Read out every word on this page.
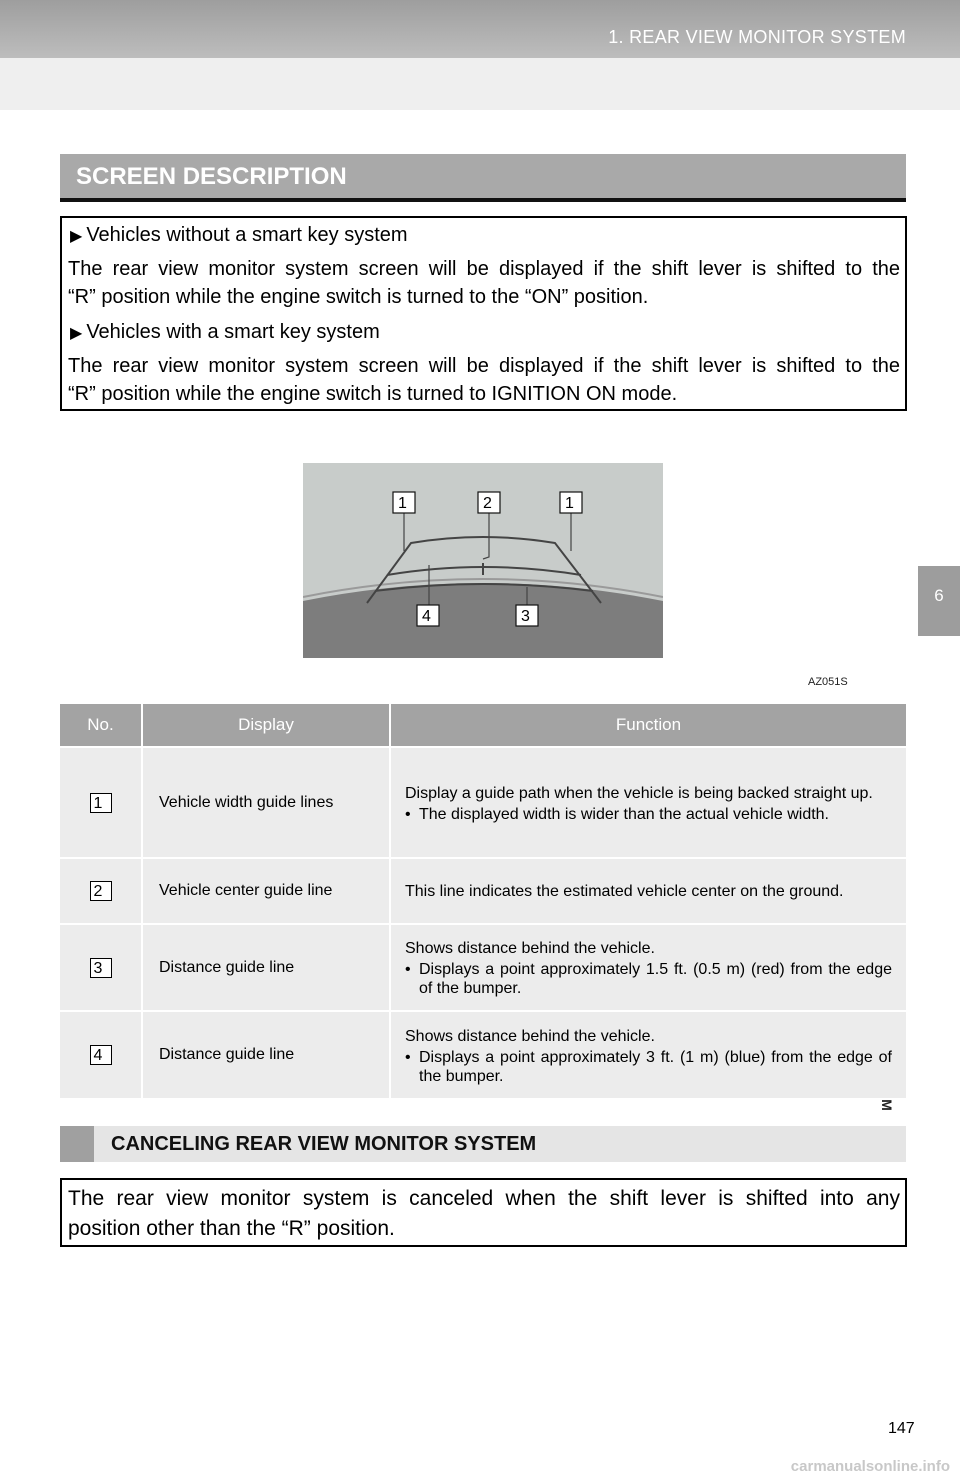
1. REAR VIEW MONITOR SYSTEM
6
SCREEN DESCRIPTION
▶ Vehicles without a smart key system
The rear view monitor system screen will be displayed if the shift lever is shifted to the
“R” position while the engine switch is turned to the “ON” position.
▶ Vehicles with a smart key system
The rear view monitor system screen will be displayed if the shift lever is shifted to the
“R” position while the engine switch is turned to IGNITION ON mode.
1	2	1
4	3
AZ051S
No.	Display	Function
1	Vehicle width guide lines	Display a guide path when the vehicle is being backed straight up.
• The displayed width is wider than the actual vehicle width.

2	Vehicle center guide line	This line indicates the estimated vehicle center on the ground.

3	Distance guide line	Shows distance behind the vehicle.
• Displays a point approximately 1.5 ft. (0.5 m) (red) from the edge of the bumper.

4	Distance guide line	Shows distance behind the vehicle.
• Displays a point approximately 3 ft. (1 m) (blue) from the edge of the bumper.
CANCELING REAR VIEW MONITOR SYSTEM
The rear view monitor system is canceled when the shift lever is shifted into any
position other than the “R” position.
147
carmanualsonline.info
